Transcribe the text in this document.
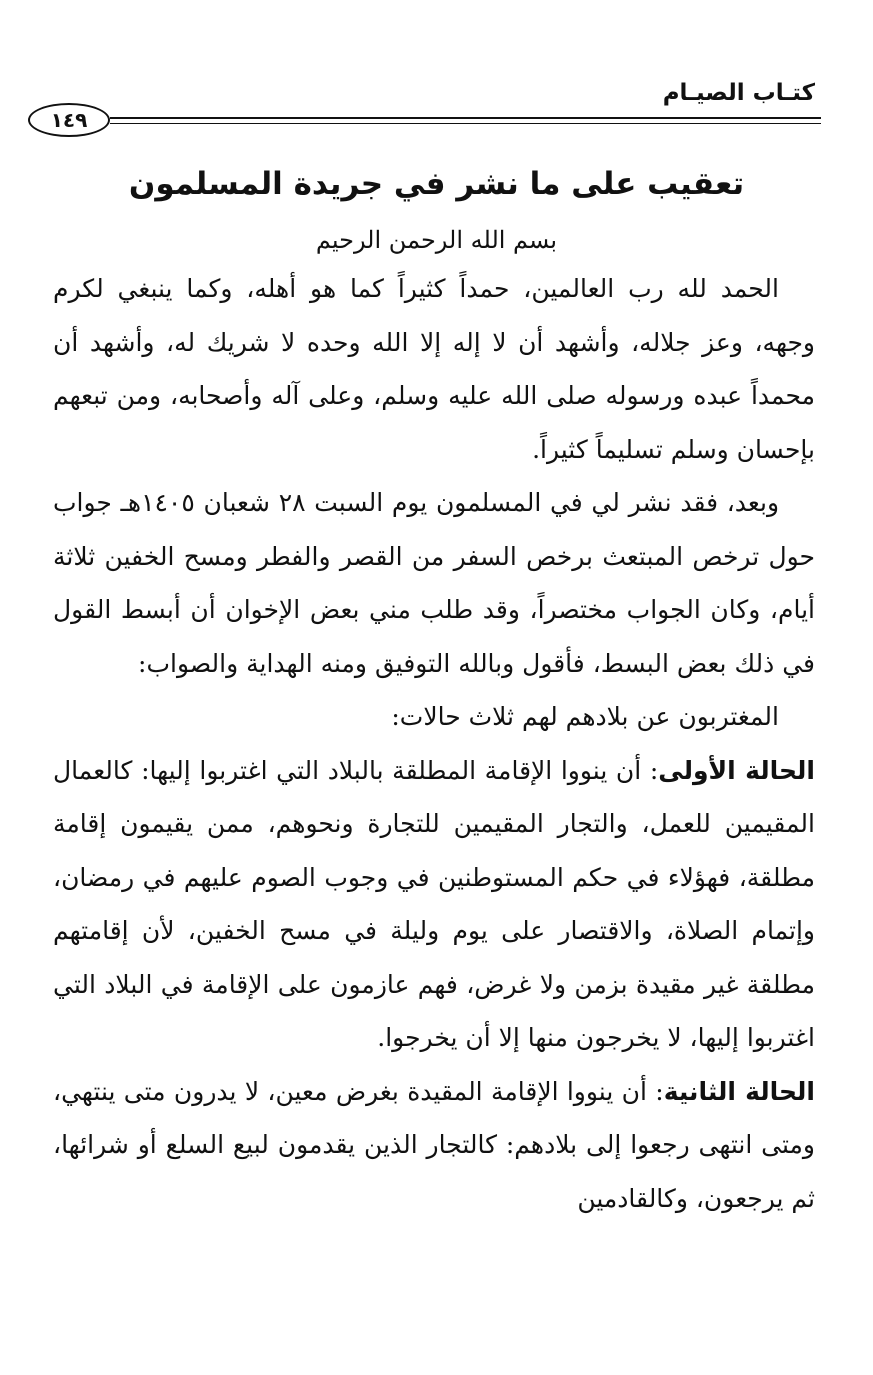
كتـاب الصيـام
١٤٩
تعقيب على ما نشر في جريدة المسلمون
بسم الله الرحمن الرحيم

الحمد لله رب العالمين، حمداً كثيراً كما هو أهله، وكما ينبغي لكرم وجهه، وعز جلاله، وأشهد أن لا إله إلا الله وحده لا شريك له، وأشهد أن محمداً عبده ورسوله صلى الله عليه وسلم، وعلى آله وأصحابه، ومن تبعهم بإحسان وسلم تسليماً كثيراً.

وبعد، فقد نشر لي في المسلمون يوم السبت ٢٨ شعبان ١٤٠٥هـ جواب حول ترخص المبتعث برخص السفر من القصر والفطر ومسح الخفين ثلاثة أيام، وكان الجواب مختصراً، وقد طلب مني بعض الإخوان أن أبسط القول في ذلك بعض البسط، فأقول وبالله التوفيق ومنه الهداية والصواب:

المغتربون عن بلادهم لهم ثلاث حالات:

الحالة الأولى: أن ينووا الإقامة المطلقة بالبلاد التي اغتربوا إليها: كالعمال المقيمين للعمل، والتجار المقيمين للتجارة ونحوهم، ممن يقيمون إقامة مطلقة، فهؤلاء في حكم المستوطنين في وجوب الصوم عليهم في رمضان، وإتمام الصلاة، والاقتصار على يوم وليلة في مسح الخفين، لأن إقامتهم مطلقة غير مقيدة بزمن ولا غرض، فهم عازمون على الإقامة في البلاد التي اغتربوا إليها، لا يخرجون منها إلا أن يخرجوا.

الحالة الثانية: أن ينووا الإقامة المقيدة بغرض معين، لا يدرون متى ينتهي، ومتى انتهى رجعوا إلى بلادهم: كالتجار الذين يقدمون لبيع السلع أو شرائها، ثم يرجعون، وكالقادمين
